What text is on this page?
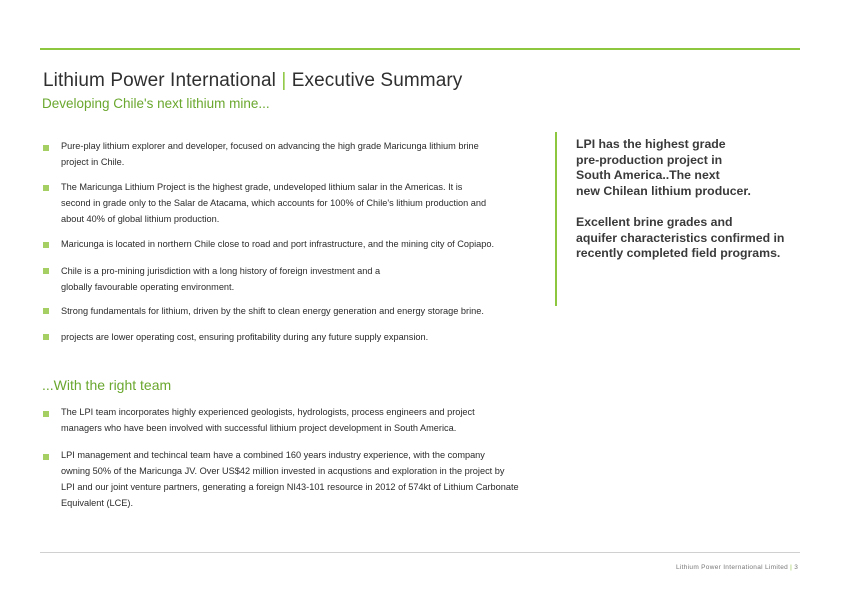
Lithium Power International | Executive Summary
Developing Chile's next lithium mine...
Pure-play lithium explorer and developer, focused on advancing the high grade Maricunga lithium brine
project in Chile.
The Maricunga Lithium Project is the highest grade, undeveloped lithium salar in the Americas. It is
second in grade only to the Salar de Atacama, which accounts for 100% of Chile's lithium production and
about 40% of global lithium production.
Maricunga is located in northern Chile close to road and port infrastructure, and the mining city of Copiapo.
Chile is a pro-mining jurisdiction with a long history of foreign investment and a
globally favourable operating environment.
Strong fundamentals for lithium, driven by the shift to clean energy generation and energy storage brine.
projects are lower operating cost, ensuring profitability during any future supply expansion.
LPI has the highest grade
pre-production project in
South America..The next
new Chilean lithium producer.
Excellent brine grades and
aquifer characteristics confirmed in
recently completed field programs.
...With the right team
The LPI team incorporates highly experienced geologists, hydrologists, process engineers and project
managers who have been involved with successful lithium project development in South America.
LPI management and techincal team have a combined 160 years industry experience, with the company
owning 50% of the Maricunga JV. Over US$42 million invested in acqustions and exploration in the project by
LPI and our joint venture partners, generating a foreign NI43-101 resource in 2012 of 574kt of Lithium Carbonate
Equivalent (LCE).
Lithium Power International Limited | 3
